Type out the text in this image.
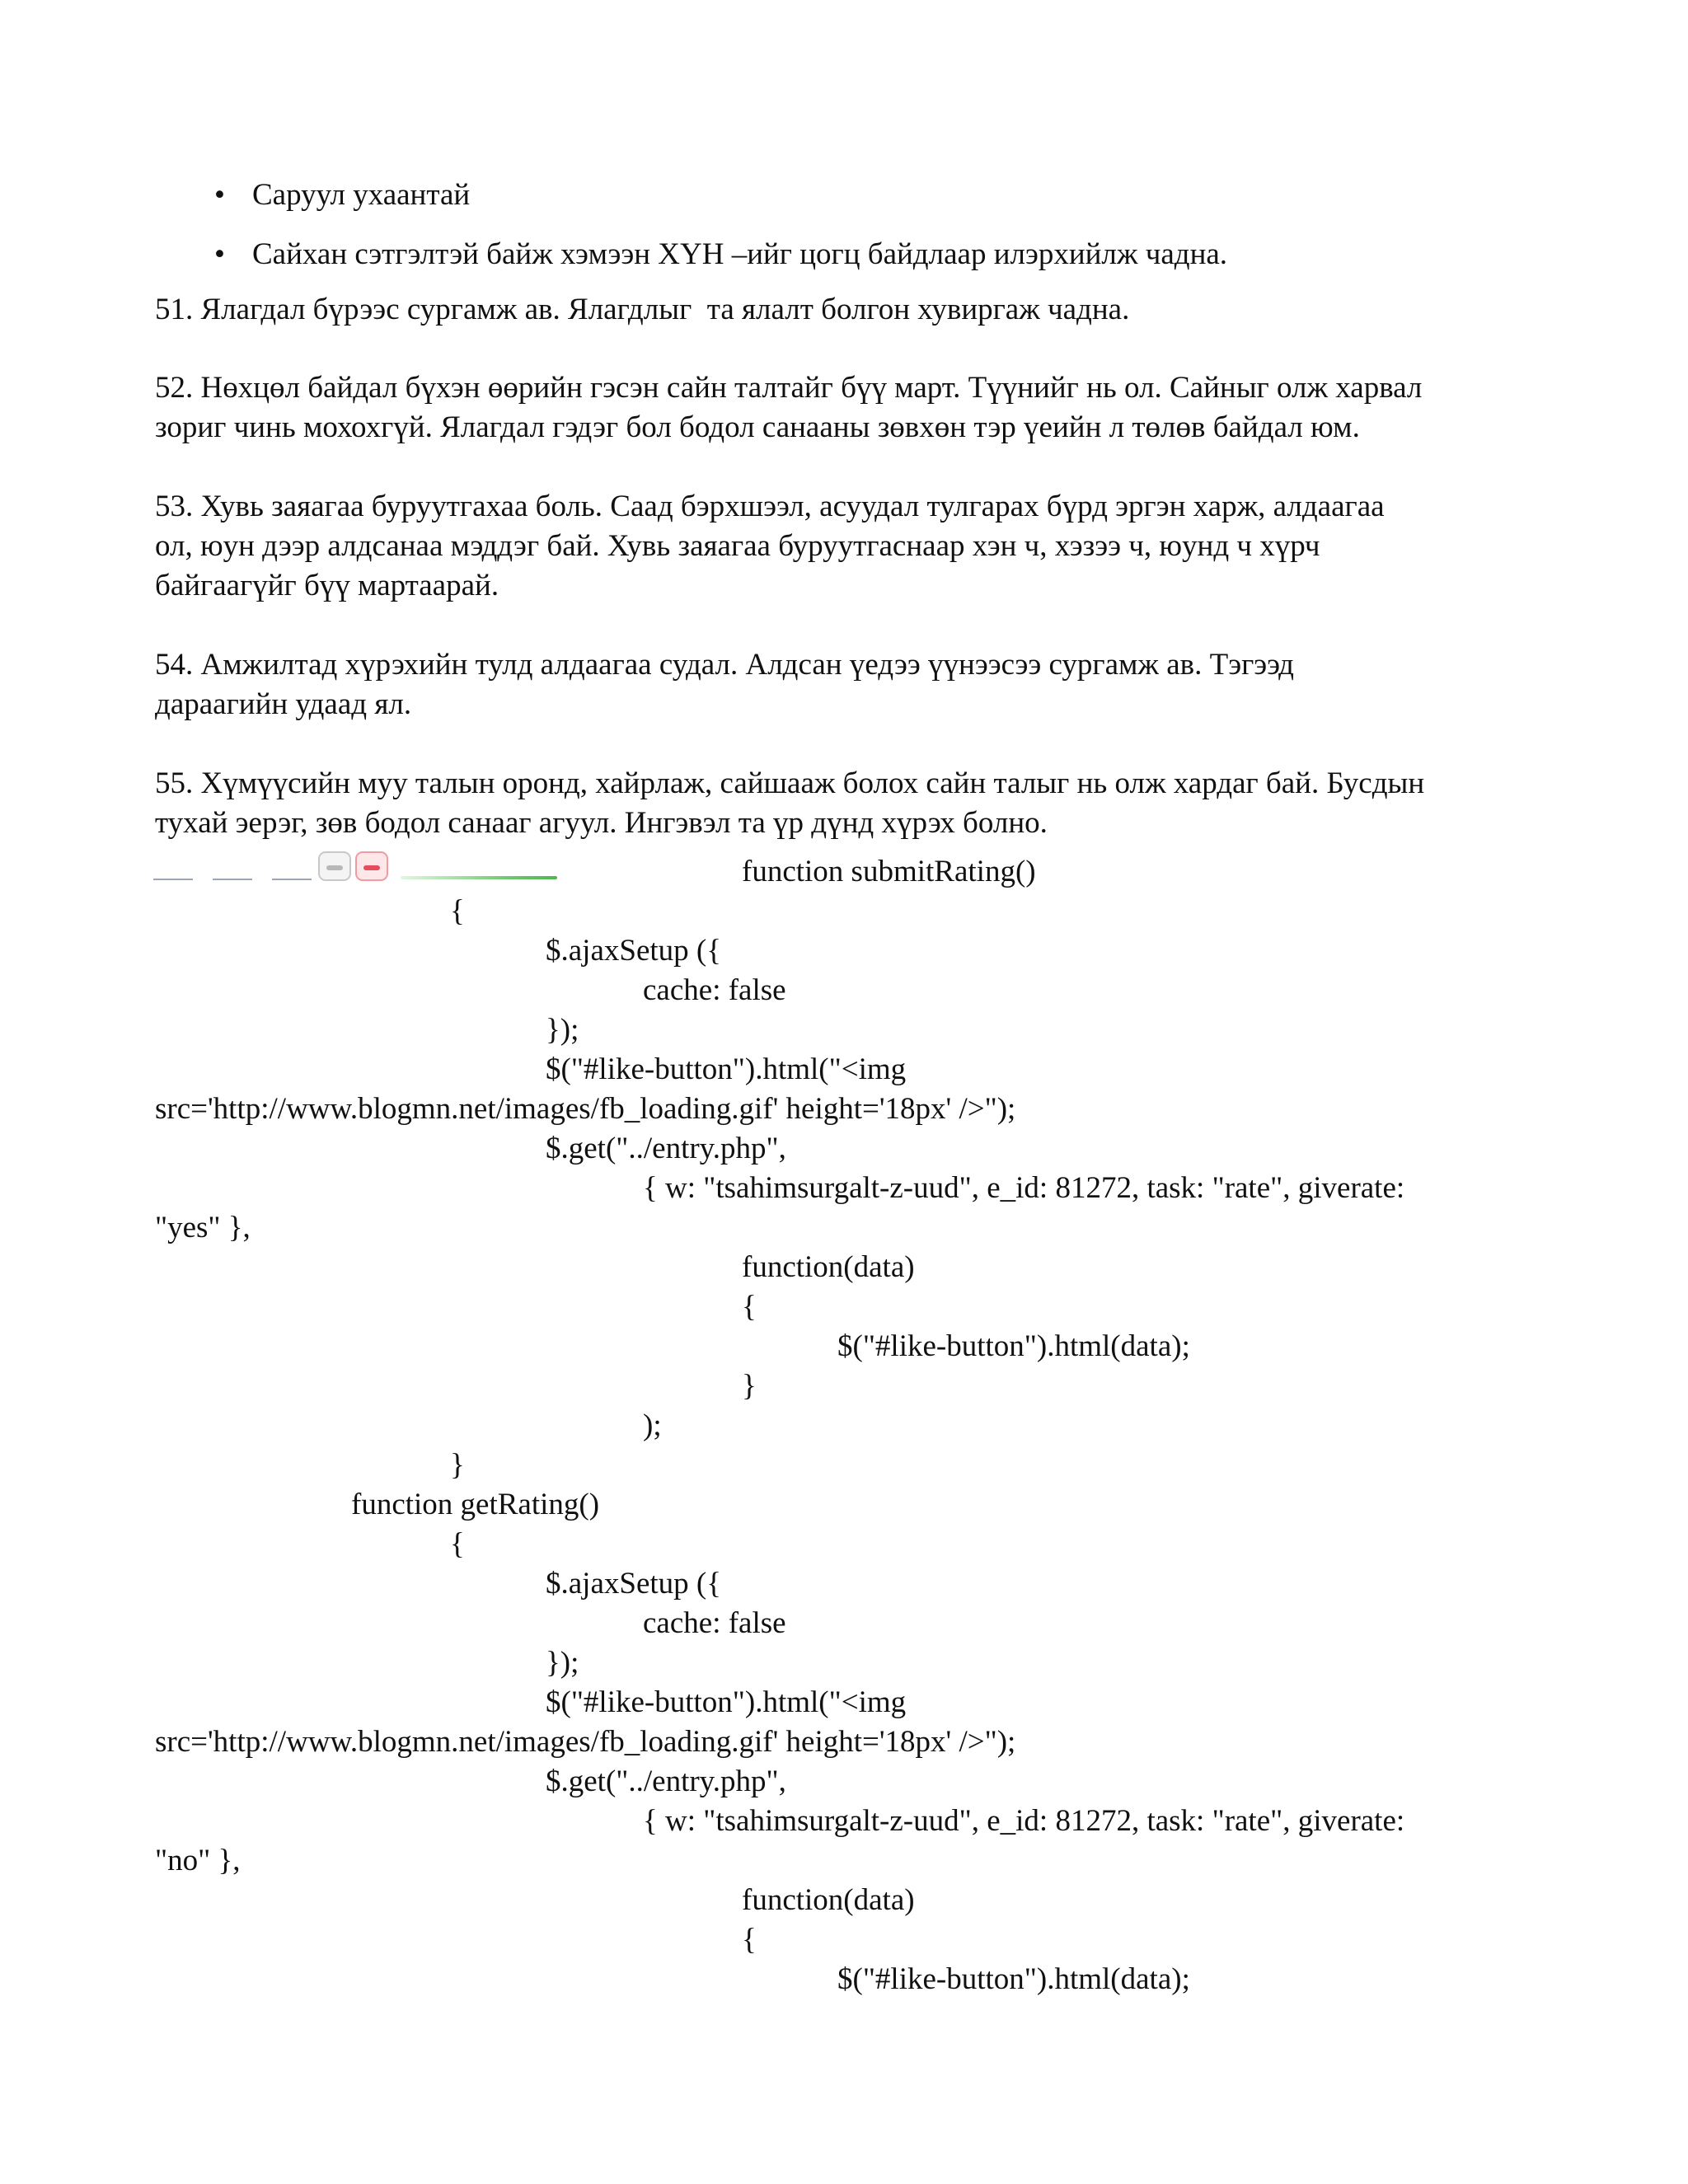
• Саруул ухаантай
• Сайхан сэтгэлтэй байж хэмээн ХҮН –ийг цогц байдлаар илэрхийлж чадна.
51. Ялагдал бүрээс сургамж ав. Ялагдлыг  та ялалт болгон хувиргаж чадна.
52. Нөхцөл байдал бүхэн өөрийн гэсэн сайн талтайг бүү март. Түүнийг нь ол. Сайныг олж харвал
зориг чинь мохохгүй. Ялагдал гэдэг бол бодол санааны зөвхөн тэр үеийн л төлөв байдал юм.
53. Хувь заяагаа буруутгахаа боль. Саад бэрхшээл, асуудал тулгарах бүрд эргэн харж, алдаагаа
ол, юун дээр алдсанаа мэддэг бай. Хувь заяагаа буруутгаснаар хэн ч, хэзээ ч, юунд ч хүрч
байгаагүйг бүү мартаарай.
54. Амжилтад хүрэхийн тулд алдаагаа судал. Алдсан үедээ үүнээсээ сургамж ав. Тэгээд
дараагийн удаад ял.
55. Хүмүүсийн муу талын оронд, хайрлаж, сайшааж болох сайн талыг нь олж хардаг бай. Бусдын
тухай эерэг, зөв бодол санааг агуул. Ингэвэл та үр дүнд хүрэх болно.
function submitRating()
{
$.ajaxSetup ({
cache: false
});
$("#like-button").html("<img
src='http://www.blogmn.net/images/fb_loading.gif' height='18px' />");
$.get("../entry.php",
{ w: "tsahimsurgalt-z-uud", e_id: 81272, task: "rate", giverate:
"yes" },
function(data)
{
$("#like-button").html(data);
}
);
}
function getRating()
{
$.ajaxSetup ({
cache: false
});
$("#like-button").html("<img
src='http://www.blogmn.net/images/fb_loading.gif' height='18px' />");
$.get("../entry.php",
{ w: "tsahimsurgalt-z-uud", e_id: 81272, task: "rate", giverate:
"no" },
function(data)
{
$("#like-button").html(data);
